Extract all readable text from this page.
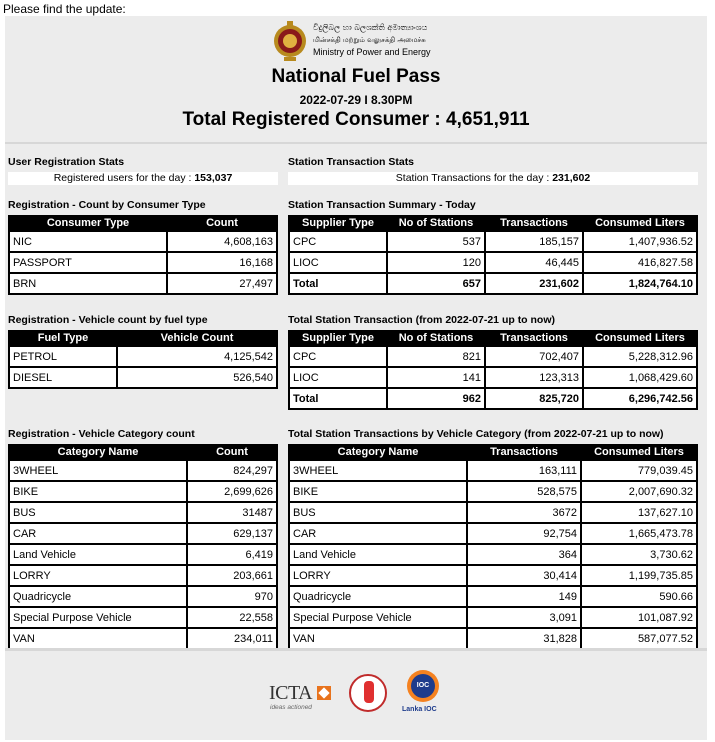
Please find the update:
විදුලිබල හා බලශක්ති අමාත්‍යාංශය
மின்சக்தி மற்றும் வலுசக்தி அமைச்சு
Ministry of Power and Energy
National Fuel Pass
2022-07-29 I 8.30PM
Total Registered Consumer : 4,651,911
User Registration Stats
Registered users for the day : 153,037
Registration - Count by Consumer Type
Consumer Type	Count
NIC	4,608,163
PASSPORT	16,168
BRN	27,497
Registration - Vehicle count by fuel type
Fuel Type	Vehicle Count
PETROL	4,125,542
DIESEL	526,540
Registration - Vehicle Category count
Category Name	Count
3WHEEL	824,297
BIKE	2,699,626
BUS	31487
CAR	629,137
Land Vehicle	6,419
LORRY	203,661
Quadricycle	970
Special Purpose Vehicle	22,558
VAN	234,011
Station Transaction Stats
Station Transactions for the day : 231,602
Station Transaction Summary - Today
Supplier Type	No of Stations	Transactions	Consumed Liters
CPC	537	185,157	1,407,936.52
LIOC	120	46,445	416,827.58
Total	657	231,602	1,824,764.10
Total Station Transaction (from 2022-07-21 up to now)
Supplier Type	No of Stations	Transactions	Consumed Liters
CPC	821	702,407	5,228,312.96
LIOC	141	123,313	1,068,429.60
Total	962	825,720	6,296,742.56
Total Station Transactions by Vehicle Category (from 2022-07-21 up to now)
Category Name	Transactions	Consumed Liters
3WHEEL	163,111	779,039.45
BIKE	528,575	2,007,690.32
BUS	3672	137,627.10
CAR	92,754	1,665,473.78
Land Vehicle	364	3,730.62
LORRY	30,414	1,199,735.85
Quadricycle	149	590.66
Special Purpose Vehicle	3,091	101,087.92
VAN	31,828	587,077.52
ICTA
ideas actioned
IOC
Lanka IOC
